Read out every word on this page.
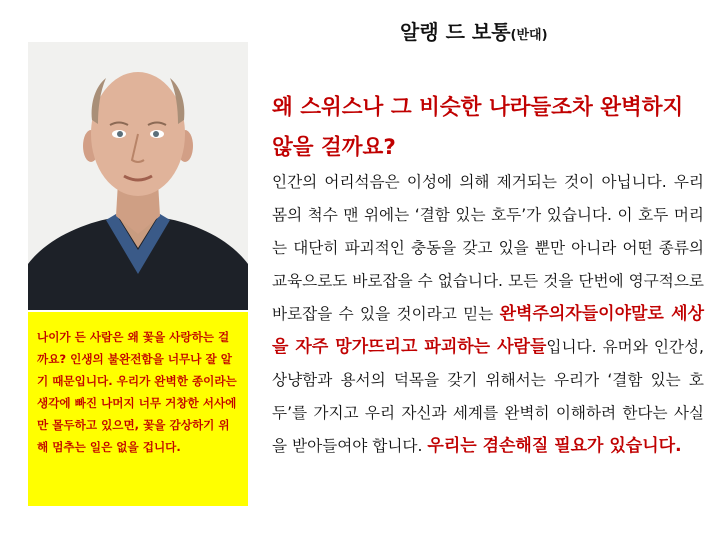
알랭 드 보통(반대)

나이가 든 사람은 왜 꽃을 사랑하는 걸까요? 인생의 불완전함을 너무나 잘 알기 때문입니다. 우리가 완벽한 종이라는 생각에 빠진 나머지 너무 거창한 서사에만 몰두하고 있으면, 꽃을 감상하기 위해 멈추는 일은 없을 겁니다.

왜 스위스나 그 비슷한 나라들조차 완벽하지 않을 걸까요?

인간의 어리석음은 이성에 의해 제거되는 것이 아닙니다. 우리 몸의 척수 맨 위에는 ‘결함 있는 호두’가 있습니다. 이 호두 머리는 대단히 파괴적인 충동을 갖고 있을 뿐만 아니라 어떤 종류의 교육으로도 바로잡을 수 없습니다. 모든 것을 단번에 영구적으로 바로잡을 수 있을 것이라고 믿는 완벽주의자들이야말로 세상을 자주 망가뜨리고 파괴하는 사람들입니다. 유머와 인간성, 상냥함과 용서의 덕목을 갖기 위해서는 우리가 ‘결함 있는 호두’를 가지고 우리 자신과 세계를 완벽히 이해하려 한다는 사실을 받아들여야 합니다. 우리는 겸손해질 필요가 있습니다.
